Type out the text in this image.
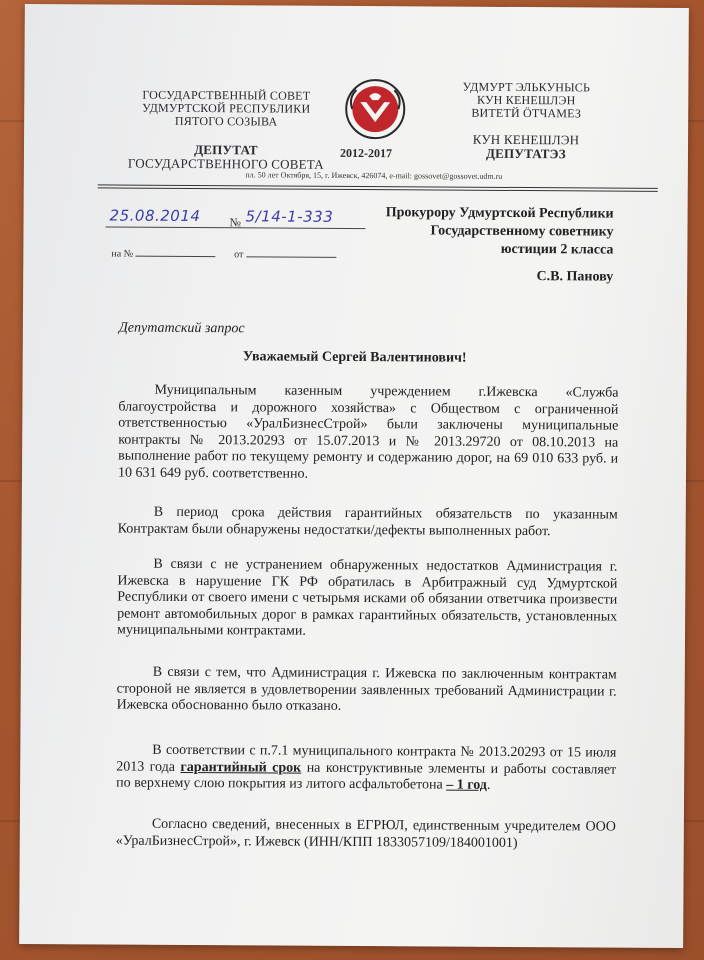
ГОСУДАРСТВЕННЫЙ СОВЕТ
УДМУРТСКОЙ РЕСПУБЛИКИ
ПЯТОГО СОЗЫВА
ДЕПУТАТ
ГОСУДАРСТВЕННОГО СОВЕТА
2012-2017
УДМУРТ ЭЛЬКУНЫСЬ
КУН КЕНЕШЛЭН
ВИТЕТЙ ӦТЧАМЕЗ
КУН КЕНЕШЛЭН
ДЕПУТАТЭЗ
пл. 50 лет Октября, 15, г. Ижевск, 426074, e-mail: gossovet@gossovet.udm.ru
25.08.2014 № 5/14-1-333
на №	от
Прокурору Удмуртской Республики
Государственному советнику
юстиции 2 класса
С.В. Панову
Депутатский запрос
Уважаемый Сергей Валентинович!
Муниципальным казенным учреждением г.Ижевска «Служба благоустройства и дорожного хозяйства» с Обществом с ограниченной ответственностью «УралБизнесСтрой» были заключены муниципальные контракты № 2013.20293 от 15.07.2013 и № 2013.29720 от 08.10.2013 на выполнение работ по текущему ремонту и содержанию дорог, на 69 010 633 руб. и 10 631 649 руб. соответственно.
В период срока действия гарантийных обязательств по указанным Контрактам были обнаружены недостатки/дефекты выполненных работ.
В связи с не устранением обнаруженных недостатков Администрация г. Ижевска в нарушение ГК РФ обратилась в Арбитражный суд Удмуртской Республики от своего имени с четырьмя исками об обязании ответчика произвести ремонт автомобильных дорог в рамках гарантийных обязательств, установленных муниципальными контрактами.
В связи с тем, что Администрация г. Ижевска по заключенным контрактам стороной не является в удовлетворении заявленных требований Администрации г. Ижевска обоснованно было отказано.
В соответствии с п.7.1 муниципального контракта № 2013.20293 от 15 июля 2013 года гарантийный срок на конструктивные элементы и работы составляет по верхнему слою покрытия из литого асфальтобетона – 1 год.
Согласно сведений, внесенных в ЕГРЮЛ, единственным учредителем ООО «УралБизнесСтрой», г. Ижевск (ИНН/КПП 1833057109/184001001)
